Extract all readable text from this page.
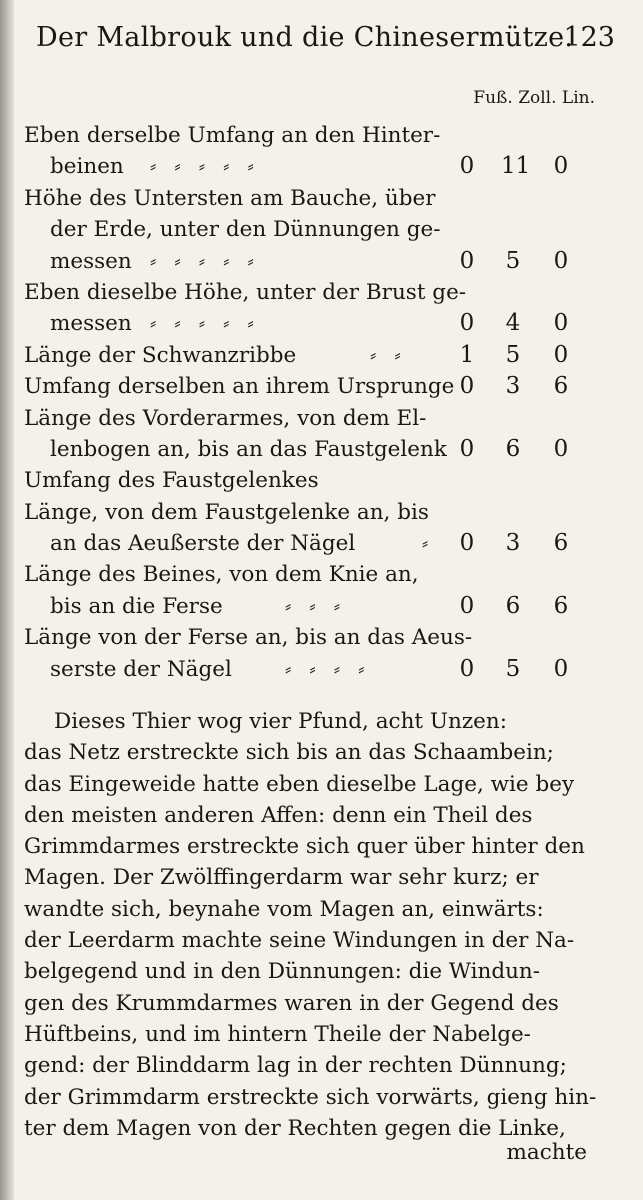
Der Malbrouk und die Chinesermütze.
123
Fuß. Zoll. Lin.
Eben derselbe Umfang an den Hinter-
beinen ⸗ ⸗ ⸗ ⸗ ⸗	0 11 0
Höhe des Untersten am Bauche, über
der Erde, unter den Dünnungen ge-
messen ⸗ ⸗ ⸗ ⸗ ⸗	0 5 0
Eben dieselbe Höhe, unter der Brust ge-
messen ⸗ ⸗ ⸗ ⸗ ⸗	0 4 0
Länge der Schwanzribbe	⸗ ⸗ 1 5 0
Umfang derselben an ihrem Ursprunge 0 3 6
Länge des Vorderarmes, von dem El-
lenbogen an, bis an das Faustgelenk 0 6 0
Umfang des Faustgelenkes
Länge, von dem Faustgelenke an, bis
an das Aeußerste der Nägel	⸗ 0 3 6
Länge des Beines, von dem Knie an,
bis an die Ferse	⸗ ⸗ ⸗	0 6 6
Länge von der Ferse an, bis an das Aeus-
serste der Nägel	⸗ ⸗ ⸗ ⸗	0 5 0
Dieses Thier wog vier Pfund, acht Unzen:
das Netz erstreckte sich bis an das Schaambein;
das Eingeweide hatte eben dieselbe Lage, wie bey
den meisten anderen Affen: denn ein Theil des
Grimmdarmes erstreckte sich quer über hinter den
Magen. Der Zwölffingerdarm war sehr kurz; er
wandte sich, beynahe vom Magen an, einwärts:
der Leerdarm machte seine Windungen in der Na-
belgegend und in den Dünnungen: die Windun-
gen des Krummdarmes waren in der Gegend des
Hüftbeins, und im hintern Theile der Nabelge-
gend: der Blinddarm lag in der rechten Dünnung;
der Grimmdarm erstreckte sich vorwärts, gieng hin-
ter dem Magen von der Rechten gegen die Linke,
machte
